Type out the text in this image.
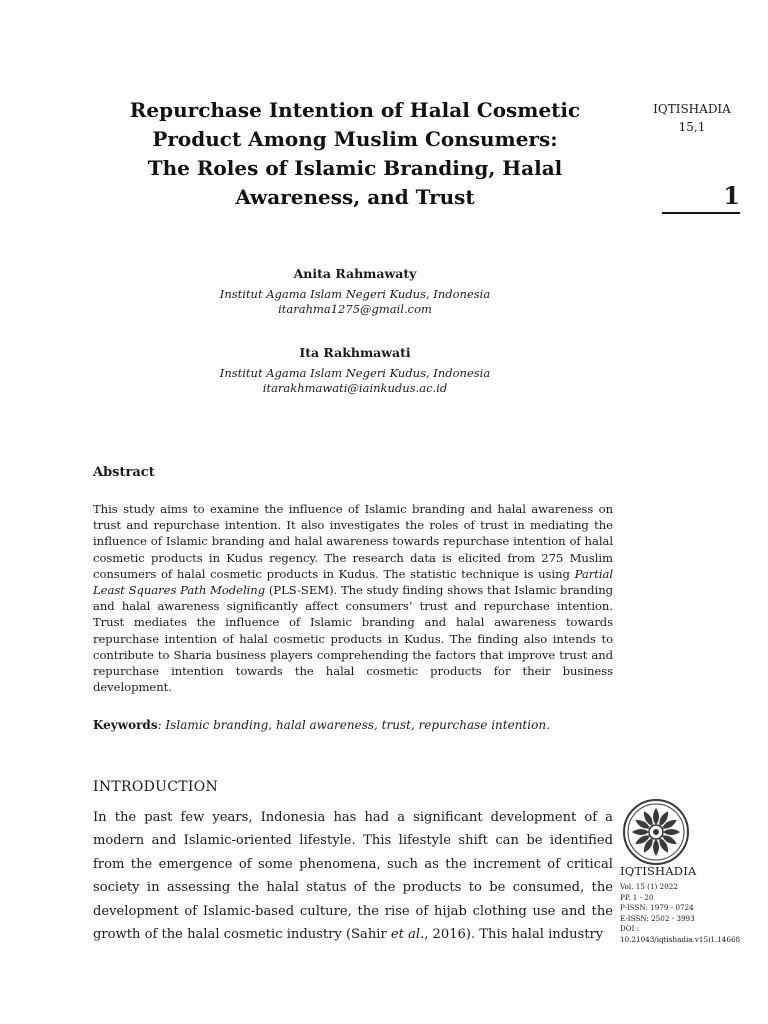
Repurchase Intention of Halal Cosmetic
Product Among Muslim Consumers:
The Roles of Islamic Branding, Halal
Awareness, and Trust
IQTISHADIA
15,1
1
Anita Rahmawaty
Institut Agama Islam Negeri Kudus, Indonesia
itarahma1275@gmail.com
Ita Rakhmawati
Institut Agama Islam Negeri Kudus, Indonesia
itarakhmawati@iainkudus.ac.id
Abstract
This study aims to examine the influence of Islamic branding and halal awareness on trust and repurchase intention. It also investigates the roles of trust in mediating the influence of Islamic branding and halal awareness towards repurchase intention of halal cosmetic products in Kudus regency. The research data is elicited from 275 Muslim consumers of halal cosmetic products in Kudus. The statistic technique is using Partial Least Squares Path Modeling (PLS-SEM). The study finding shows that Islamic branding and halal awareness significantly affect consumers’ trust and repurchase intention. Trust mediates the influence of Islamic branding and halal awareness towards repurchase intention of halal cosmetic products in Kudus. The finding also intends to contribute to Sharia business players comprehending the factors that improve trust and repurchase intention towards the halal cosmetic products for their business development.
Keywords: Islamic branding, halal awareness, trust, repurchase intention.
INTRODUCTION
In the past few years, Indonesia has had a significant development of a modern and Islamic-oriented lifestyle. This lifestyle shift can be identified from the emergence of some phenomena, such as the increment of critical society in assessing the halal status of the products to be consumed, the development of Islamic-based culture, the rise of hijab clothing use and the growth of the halal cosmetic industry (Sahir et al., 2016). This halal industry
IQTISHADIA
Vol. 15 (1) 2022
PP. 1 - 20
P-ISSN: 1979 - 0724
E-ISSN: 2502 - 3993
DOI : 10.21043/iqtishadia.v15i1.14668
